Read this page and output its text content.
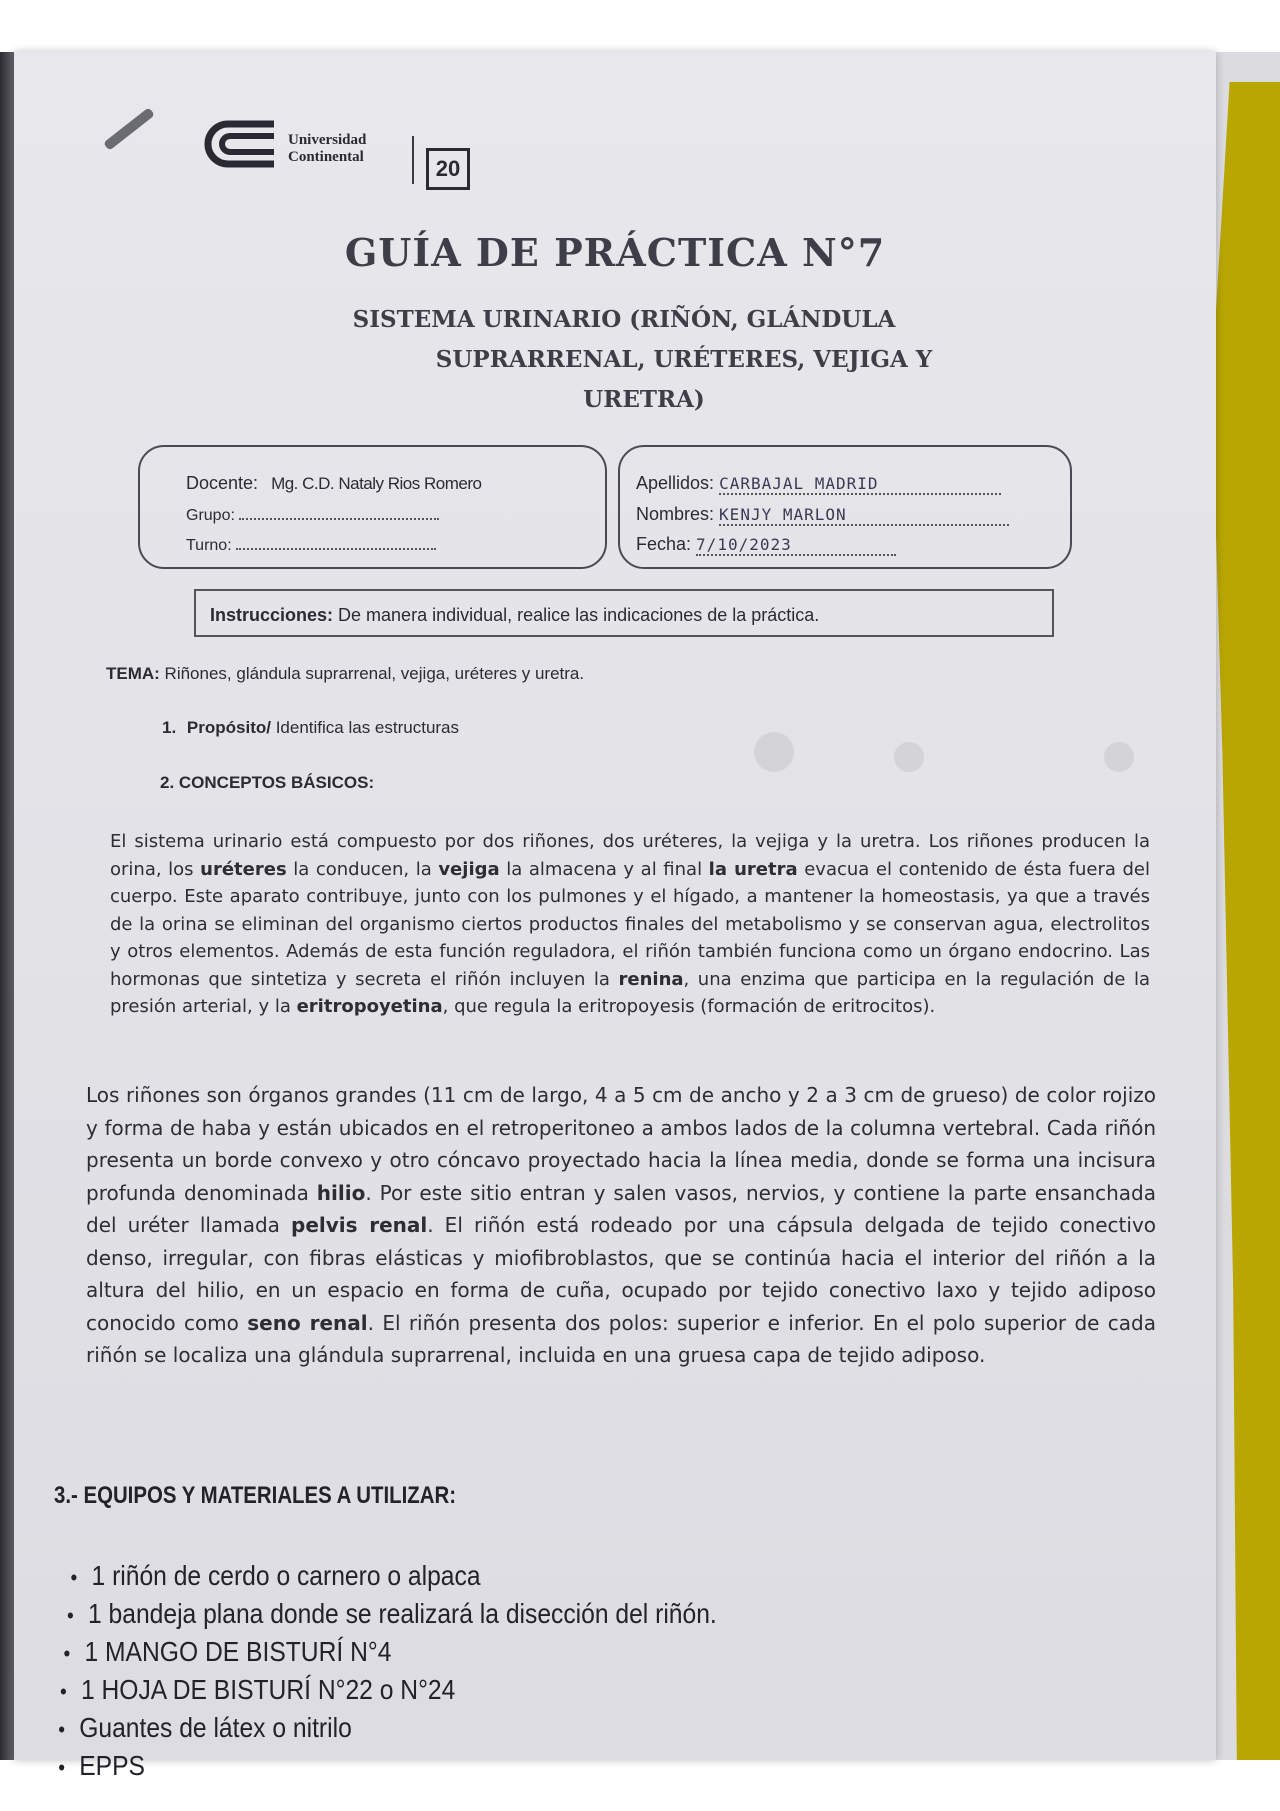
Universidad
Continental	20
GUÍA DE PRÁCTICA N°7
SISTEMA URINARIO (RIÑÓN, GLÁNDULA
SUPRARRENAL, URÉTERES, VEJIGA Y
URETRA)
Docente: Mg. C.D. Nataly Rios Romero
Grupo:
Turno:
Apellidos: CARBAJAL MADRID
Nombres: KENJY MARLON
Fecha: 7/10/2023
Instrucciones: De manera individual, realice las indicaciones de la práctica.
TEMA: Riñones, glándula suprarrenal, vejiga, uréteres y uretra.
1. Propósito/ Identifica las estructuras
2. CONCEPTOS BÁSICOS:
El sistema urinario está compuesto por dos riñones, dos uréteres, la vejiga y la uretra. Los riñones producen la orina, los uréteres la conducen, la vejiga la almacena y al final la uretra evacua el contenido de ésta fuera del cuerpo. Este aparato contribuye, junto con los pulmones y el hígado, a mantener la homeostasis, ya que a través de la orina se eliminan del organismo ciertos productos finales del metabolismo y se conservan agua, electrolitos y otros elementos. Además de esta función reguladora, el riñón también funciona como un órgano endocrino. Las hormonas que sintetiza y secreta el riñón incluyen la renina, una enzima que participa en la regulación de la presión arterial, y la eritropoyetina, que regula la eritropoyesis (formación de eritrocitos).
Los riñones son órganos grandes (11 cm de largo, 4 a 5 cm de ancho y 2 a 3 cm de grueso) de color rojizo y forma de haba y están ubicados en el retroperitoneo a ambos lados de la columna vertebral. Cada riñón presenta un borde convexo y otro cóncavo proyectado hacia la línea media, donde se forma una incisura profunda denominada hilio. Por este sitio entran y salen vasos, nervios, y contiene la parte ensanchada del uréter llamada pelvis renal. El riñón está rodeado por una cápsula delgada de tejido conectivo denso, irregular, con fibras elásticas y miofibroblastos, que se continúa hacia el interior del riñón a la altura del hilio, en un espacio en forma de cuña, ocupado por tejido conectivo laxo y tejido adiposo conocido como seno renal. El riñón presenta dos polos: superior e inferior. En el polo superior de cada riñón se localiza una glándula suprarrenal, incluida en una gruesa capa de tejido adiposo.
3.- EQUIPOS Y MATERIALES A UTILIZAR:
• 1 riñón de cerdo o carnero o alpaca
• 1 bandeja plana donde se realizará la disección del riñón.
• 1 MANGO DE BISTURÍ N°4
• 1 HOJA DE BISTURÍ N°22 o N°24
• Guantes de látex o nitrilo
• EPPS
